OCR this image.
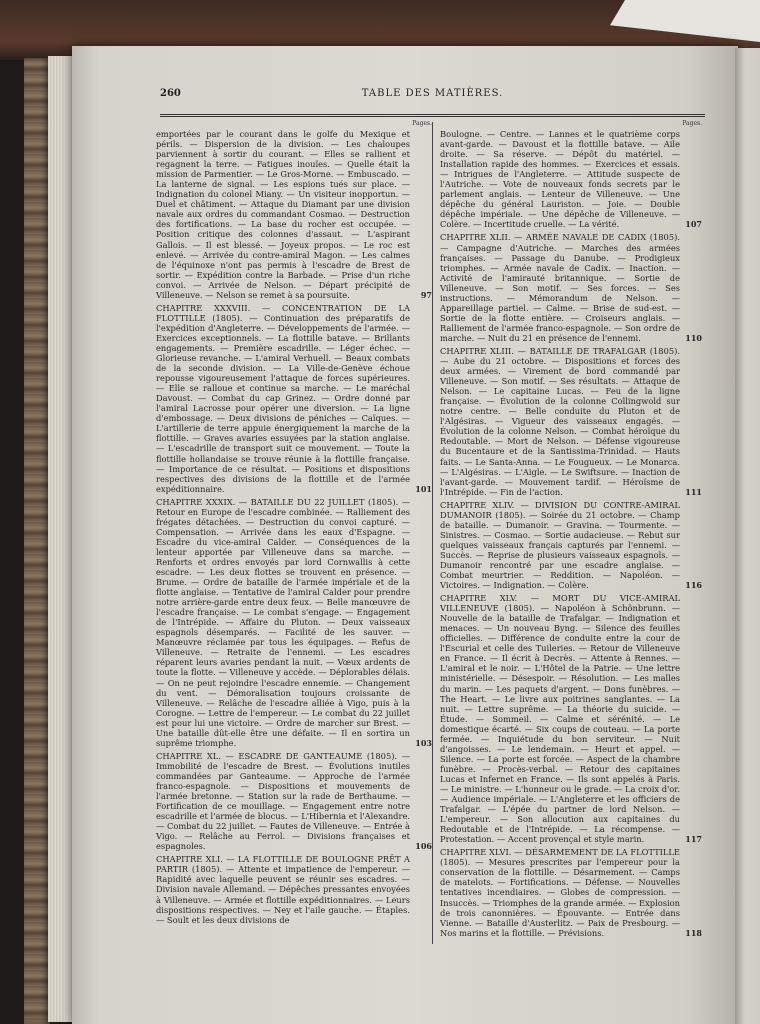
260	TABLE DES MATIÈRES.
Pages.

emportées par le courant dans le golfe du Mexique et périls. — Dispersion de la division. — Les chaloupes parviennent à sortir du courant. — Elles se rallient et regagnent la terre. — Fatigues inouïes. — Quelle était la mission de Parmentier. — Le Gros-Morne. — Embuscado. — La lanterne de signal. — Les espions tués sur place. — Indignation du colonel Miany. — Un visiteur inopportun. — Duel et châtiment. — Attaque du Diamant par une division navale aux ordres du commandant Cosmao. — Destruction des fortifications. — La base du rocher est occupée. — Position critique des colonnes d'assaut. — L'aspirant Gallois. — Il est blessé. — Joyeux propos. — Le roc est enlevé. — Arrivée du contre-amiral Magon. — Les calmes de l'équinoxe n'ont pas permis à l'escadre de Brest de sortir. — Expédition contre la Barbade. — Prise d'un riche convoi. — Arrivée de Nelson. — Départ précipité de Villeneuve. — Nelson se remet à sa poursuite.	97

CHAPITRE XXXVIII. — CONCENTRATION DE LA FLOTTILLE (1805). — Continuation des préparatifs de l'expédition d'Angleterre. — Développements de l'armée. — Exercices exceptionnels. — La flottille batave. — Brillants engagements. — Première escadrille. — Léger échec. — Glorieuse revanche. — L'amiral Verhuell. — Beaux combats de la seconde division. — La Ville-de-Genève échoue repousse vigoureusement l'attaque de forces supérieures. — Elle se ralloue et continue sa marche. — Le maréchal Davoust. — Combat du cap Grinez. — Ordre donné par l'amiral Lacrosse pour opérer une diversion. — La ligne d'embossage. — Deux divisions de péniches — Caïques. — L'artillerie de terre appuie énergiquement la marche de la flottille. — Graves avaries essuyées par la station anglaise. — L'escadrille de transport suit ce mouvement. — Toute la flottille hollandaise se trouve réunie à la flottille française. — Importance de ce résultat. — Positions et dispositions respectives des divisions de la flottille et de l'armée expéditionnaire.	101

CHAPITRE XXXIX. — BATAILLE DU 22 JUILLET (1805). — Retour en Europe de l'escadre combinée. — Ralliement des frégates détachées. — Destruction du convoi capturé. — Compensation. — Arrivée dans les eaux d'Espagne. — Escadre du vice-amiral Calder. — Conséquences de la lenteur apportée par Villeneuve dans sa marche. — Renforts et ordres envoyés par lord Cornwallis à cette escadre. — Les deux flottes se trouvent en présence. — Brume. — Ordre de bataille de l'armée impériale et de la flotte anglaise. — Tentative de l'amiral Calder pour prendre notre arrière-garde entre deux feux. — Belle manœuvre de l'escadre française. — Le combat s'engage. — Engagement de l'Intrépide. — Affaire du Pluton. — Deux vaisseaux espagnols désemparés. — Facilité de les sauver. — Manœuvre réclamée par tous les équipages. — Refus de Villeneuve. — Retraite de l'ennemi. — Les escadres réparent leurs avaries pendant la nuit. — Vœux ardents de toute la flotte. — Villeneuve y accède. — Déplorables délais. — On ne peut rejoindre l'escadre ennemie. — Changement du vent. — Démoralisation toujours croissante de Villeneuve. — Relâche de l'escadre alliée à Vigo, puis à la Corogne. — Lettre de l'empereur. — Le combat du 22 juillet est pour lui une victoire. — Ordre de marcher sur Brest. — Une bataille dût-elle être une défaite. — Il en sortira un suprême triomphe.	103

CHAPITRE XL. — ESCADRE DE GANTEAUME (1805). — Immobilité de l'escadre de Brest. — Évolutions inutiles commandées par Ganteaume. — Approche de l'armée franco-espagnole. — Dispositions et mouvements de l'armée bretonne. — Station sur la rade de Berthaume. — Fortification de ce mouillage. — Engagement entre notre escadrille et l'armée de blocus. — L'Hibernia et l'Alexandre. — Combat du 22 juillet. — Fautes de Villeneuve. — Entrée à Vigo. — Relâche au Ferrol. — Divisions françaises et espagnoles.	106

CHAPITRE XLI. — LA FLOTTILLE DE BOULOGNE PRÊT A PARTIR (1805). — Attente et impatience de l'empereur. — Rapidité avec laquelle peuvent se réunir ses escadres. — Division navale Allemand. — Dépêches pressantes envoyées à Villeneuve. — Armée et flottille expéditionnaires. — Leurs dispositions respectives. — Ney et l'aile gauche. — Étaples. — Soult et les deux divisions de

Pages.

Boulogne. — Centre. — Lannes et le quatrième corps avant-garde. — Davoust et la flottille batave. — Aile droite. — Sa réserve. — Dépôt du matériel. — Installation rapide des hommes. — Exercices et essais. — Intrigues de l'Angleterre. — Attitude suspecte de l'Autriche. — Vote de nouveaux fonds secrets par le parlement anglais. — Lenteur de Villeneuve. — Une dépêche du général Lauriston. — Joie. — Double dépêche impériale. — Une dépêche de Villeneuve. — Colère. — Incertitude cruelle. — La vérité.	107

CHAPITRE XLII. — ARMÉE NAVALE DE CADIX (1805). — Campagne d'Autriche. — Marches des armées françaises. — Passage du Danube. — Prodigieux triomphes. — Armée navale de Cadix. — Inaction. — Activité de l'amirauté britannique. — Sortie de Villeneuve. — Son motif. — Ses forces. — Ses instructions. — Mémorandum de Nelson. — Appareillage partiel. — Calme. — Brise de sud-est. — Sortie de la flotte entière. — Croiseurs anglais. — Ralliement de l'armée franco-espagnole. — Son ordre de marche. — Nuit du 21 en présence de l'ennemi.	110

CHAPITRE XLIII. — BATAILLE DE TRAFALGAR (1805). — Aube du 21 octobre. — Dispositions et forces des deux armées. — Virement de bord commandé par Villeneuve. — Son motif. — Ses résultats. — Attaque de Nelson. — Le capitaine Lucas. — Feu de la ligne française. — Évolution de la colonne Collingwold sur notre centre. — Belle conduite du Pluton et de l'Algésiras. — Vigueur des vaisseaux engagés. — Évolution de la colonne Nelson. — Combat héroïque du Redoutable. — Mort de Nelson. — Défense vigoureuse du Bucentaure et de la Santissima-Trinidad. — Hauts faits. — Le Santa-Anna. — Le Fougueux. — Le Monarca. — L'Algésiras. — L'Aigle. — Le Swiftsure. — Inaction de l'avant-garde. — Mouvement tardif. — Héroïsme de l'Intrépide. — Fin de l'action.	111

CHAPITRE XLIV. — DIVISION DU CONTRE-AMIRAL DUMANOIR (1805). — Soirée du 21 octobre. — Champ de bataille. — Dumanoir. — Gravina. — Tourmente. — Sinistres. — Cosmao. — Sortie audacieuse. — Rebut sur quelques vaisseaux français capturés par l'ennemi. — Succès. — Reprise de plusieurs vaisseaux espagnols. — Dumanoir rencontré par une escadre anglaise. — Combat meurtrier. — Reddition. — Napoléon. — Victoires. — Indignation. — Colère.	116

CHAPITRE XLV. — MORT DU VICE-AMIRAL VILLENEUVE (1805). — Napoléon à Schönbrunn. — Nouvelle de la bataille de Trafalgar. — Indignation et menaces. — Un nouveau Byng. — Silence des feuilles officielles. — Différence de conduite entre la cour de l'Escurial et celle des Tuileries. — Retour de Villeneuve en France. — Il écrit à Decrès. — Attente à Rennes. — L'amiral et le noir. — L'Hôtel de la Patrie. — Une lettre ministérielle. — Désespoir. — Résolution. — Les malles du marin. — Les paquets d'argent. — Dons funèbres. — The Heart. — Le livre aux poitrines sanglantes. — La nuit. — Lettre suprême. — La théorie du suicide. — Étude. — Sommeil. — Calme et sérénité. — Le domestique écarté. — Six coups de couteau. — La porte fermée. — Inquiétude du bon serviteur. — Nuit d'angoisses. — Le lendemain. — Heurt et appel. — Silence. — La porte est forcée. — Aspect de la chambre funèbre. — Procès-verbal. — Retour des capitaines Lucas et Infernet en France. — Ils sont appelés à Paris. — Le ministre. — L'honneur ou le grade. — La croix d'or. — Audience impériale. — L'Angleterre et les officiers de Trafalgar. — L'épée du partner de lord Nelson. — L'empereur. — Son allocution aux capitaines du Redoutable et de l'Intrépide. — La récompense. — Protestation. — Accent provençal et style marin.	117

CHAPITRE XLVI. — DÉSARMEMENT DE LA FLOTTILLE (1805). — Mesures prescrites par l'empereur pour la conservation de la flottille. — Désarmement. — Camps de matelots. — Fortifications. — Défense. — Nouvelles tentatives incendiaires. — Globes de compression. — Insuccès. — Triomphes de la grande armée. — Explosion de trois canonnières. — Épouvante. — Entrée dans Vienne. — Bataille d'Austerlitz. — Paix de Presbourg. — Nos marins et la flottille. — Prévisions.	118
